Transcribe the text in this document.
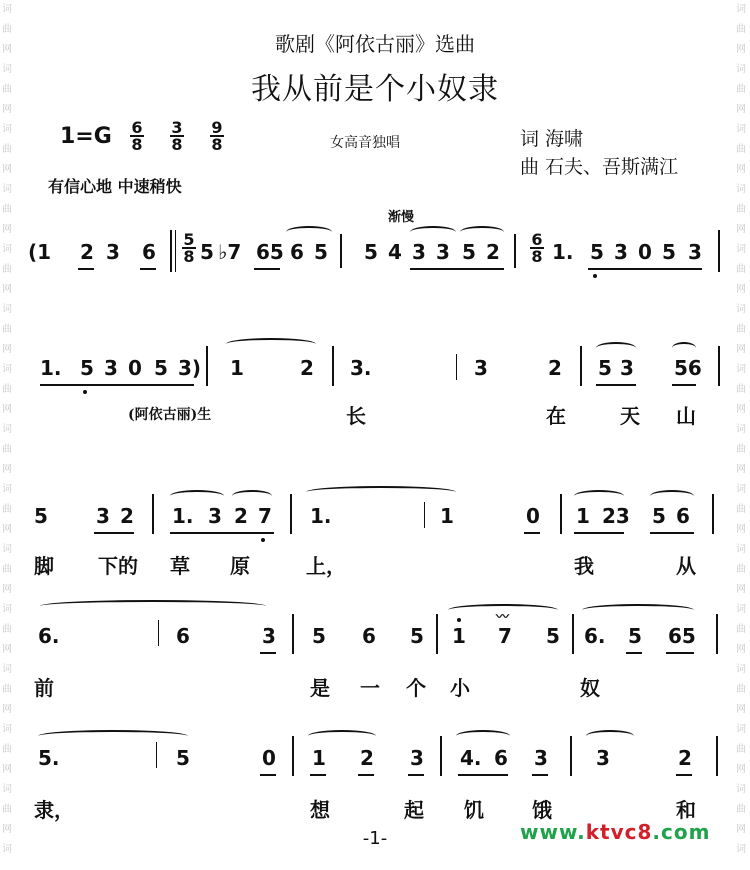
词
曲
网
词
曲
网
词
曲
网
词
曲
网
词
曲
网
词
曲
网
词
曲
网
词
曲
网
词
曲
网
词
曲
网
词
曲
网
词
曲
网
词
曲
网
词
曲
网
词
词
曲
网
词
曲
网
词
曲
网
词
曲
网
词
曲
网
词
曲
网
词
曲
网
词
曲
网
词
曲
网
词
曲
网
词
曲
网
词
曲
网
词
曲
网
词
曲
网
词
歌剧《阿依古丽》选曲
我从前是个小奴隶
1=G 6
8
3
8
9
8	女高音独唱	词 海啸
曲 石夫、吾斯满江
有信心地 中速稍快
渐慢
5
8
6
8
(1 2 3 6 5 ♭7 65 6 5 5 4 3 3 5 2	1. 5 3 0 5 3
1. 5 3 0 5 3) 1	2 3.	3	2 5 3 56
(阿依古丽)生	长	在	天 山
5 3 2 1. 3 2 7 1.	1	0 1 23 5 6
脚 下的 草 原	上，	我	从
6.	6	3 5 6 5 1 7
〰
5 6. 5 65
前	是 一 个 小	奴
5.	5	0 1 2 3 4. 6 3 3	2
隶，	想	起 饥 饿	和
-1-	www.ktvc8.com
